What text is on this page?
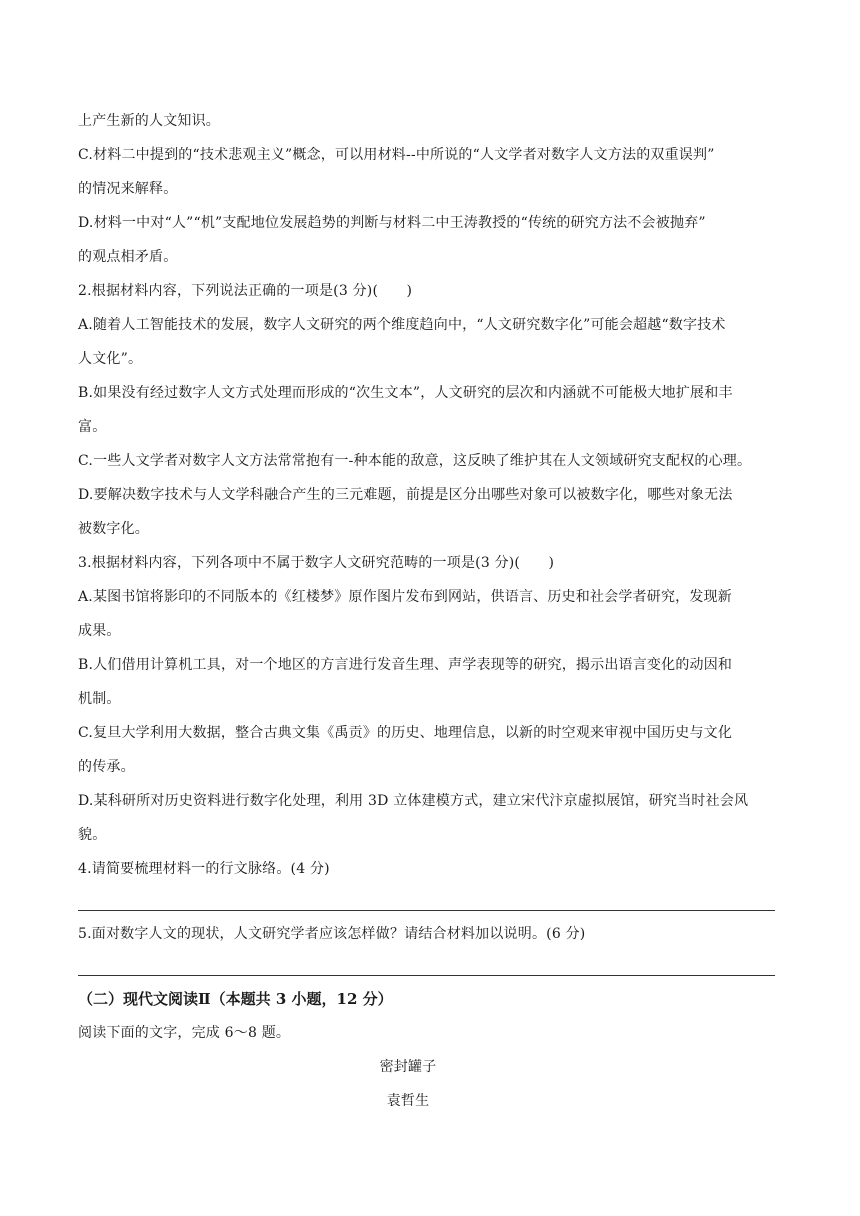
上产生新的人文知识。
C.材料二中提到的“技术悲观主义”概念，可以用材料--中所说的“人文学者对数字人文方法的双重误判”
的情况来解释。
D.材料一中对“人”“机”支配地位发展趋势的判断与材料二中王涛教授的“传统的研究方法不会被抛弃”
的观点相矛盾。
2.根据材料内容，下列说法正确的一项是(3 分)(　　)
A.随着人工智能技术的发展，数字人文研究的两个维度趋向中，“人文研究数字化”可能会超越“数字技术
人文化”。
B.如果没有经过数字人文方式处理而形成的“次生文本”，人文研究的层次和内涵就不可能极大地扩展和丰
富。
C.一些人文学者对数字人文方法常常抱有一-种本能的敌意，这反映了维护其在人文领域研究支配权的心理。
D.要解决数字技术与人文学科融合产生的三元难题，前提是区分出哪些对象可以被数字化，哪些对象无法
被数字化。
3.根据材料内容，下列各项中不属于数字人文研究范畴的一项是(3 分)(　　)
A.某图书馆将影印的不同版本的《红楼梦》原作图片发布到网站，供语言、历史和社会学者研究，发现新
成果。
B.人们借用计算机工具，对一个地区的方言进行发音生理、声学表现等的研究，揭示出语言变化的动因和
机制。
C.复旦大学利用大数据，整合古典文集《禹贡》的历史、地理信息，以新的时空观来审视中国历史与文化
的传承。
D.某科研所对历史资料进行数字化处理，利用 3D 立体建模方式，建立宋代汴京虚拟展馆，研究当时社会风
貌。
4.请简要梳理材料一的行文脉络。(4 分)
5.面对数字人文的现状，人文研究学者应该怎样做？请结合材料加以说明。(6 分)
（二）现代文阅读Ⅱ（本题共 3 小题，12 分）
阅读下面的文字，完成 6～8 题。
密封罐子
袁哲生
